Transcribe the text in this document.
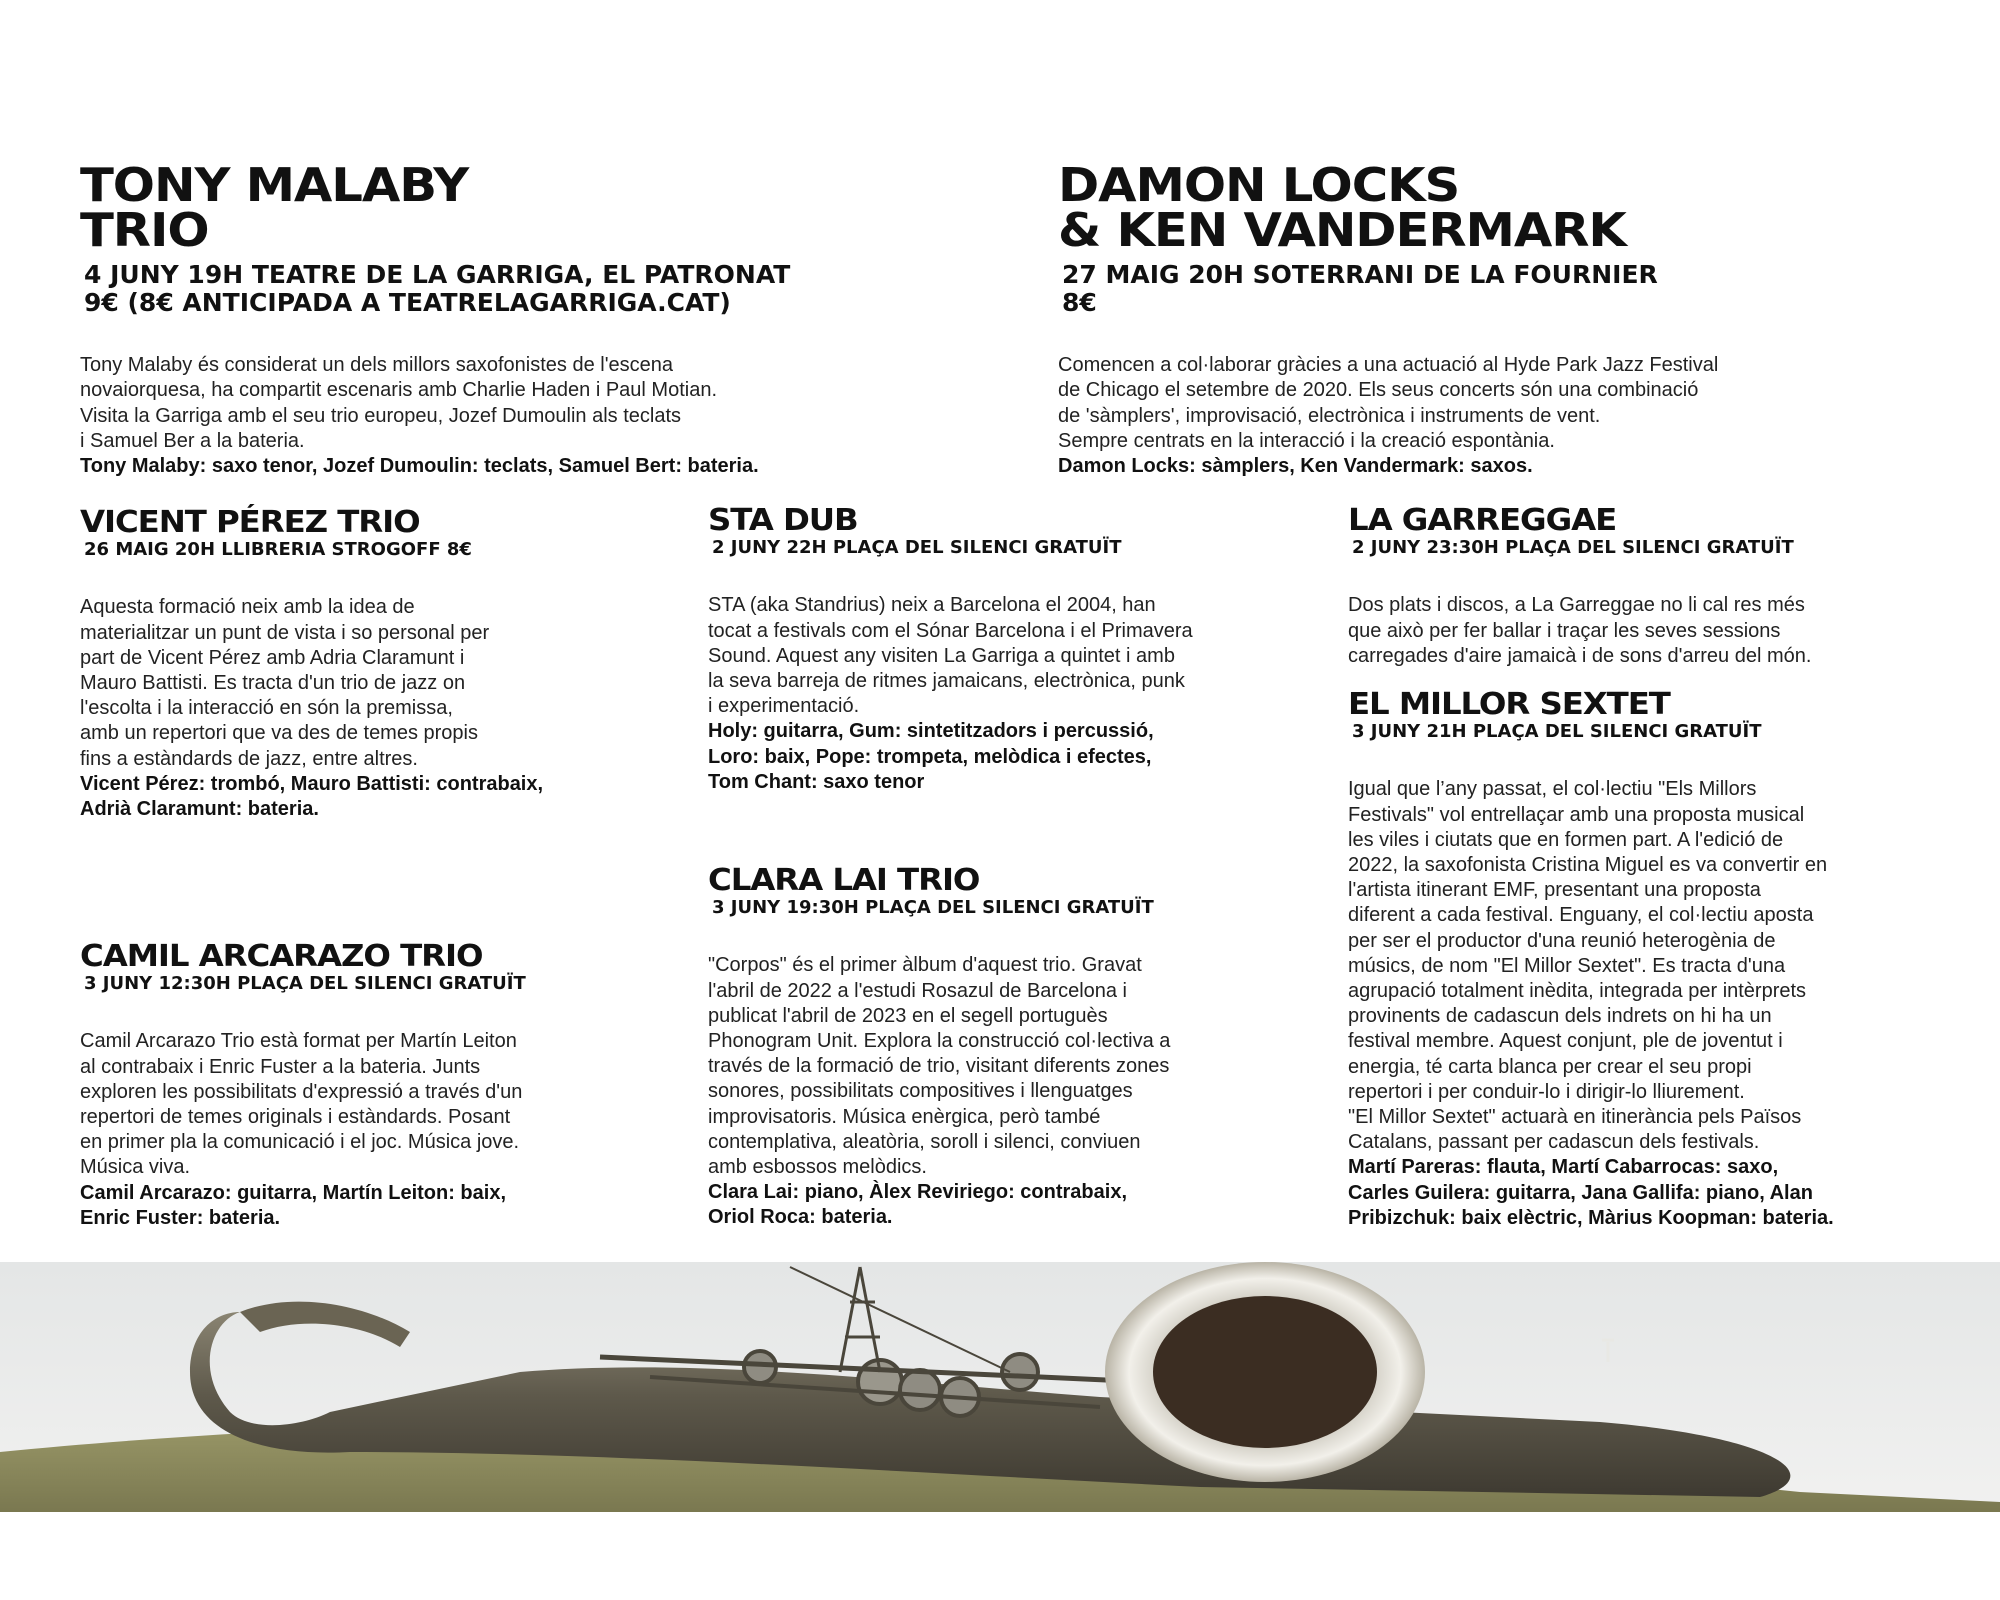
TONY MALABY
TRIO
4 JUNY 19H TEATRE DE LA GARRIGA, EL PATRONAT
9€ (8€ ANTICIPADA A TEATRELAGARRIGA.CAT)
Tony Malaby és considerat un dels millors saxofonistes de l'escena
novaiorquesa, ha compartit escenaris amb Charlie Haden i Paul Motian.
Visita la Garriga amb el seu trio europeu, Jozef Dumoulin als teclats
i Samuel Ber a la bateria.
Tony Malaby: saxo tenor, Jozef Dumoulin: teclats, Samuel Bert: bateria.
DAMON LOCKS
& KEN VANDERMARK
27 MAIG 20H SOTERRANI DE LA FOURNIER
8€
Comencen a col·laborar gràcies a una actuació al Hyde Park Jazz Festival
de Chicago el setembre de 2020. Els seus concerts són una combinació
de 'sàmplers', improvisació, electrònica i instruments de vent.
Sempre centrats en la interacció i la creació espontània.
Damon Locks: sàmplers, Ken Vandermark: saxos.
VICENT PÉREZ TRIO
26 MAIG 20H LLIBRERIA STROGOFF 8€
Aquesta formació neix amb la idea de
materialitzar un punt de vista i so personal per
part de Vicent Pérez amb Adria Claramunt i
Mauro Battisti. Es tracta d'un trio de jazz on
l'escolta i la interacció en són la premissa,
amb un repertori que va des de temes propis
fins a estàndards de jazz, entre altres.
Vicent Pérez: trombó, Mauro Battisti: contrabaix,
Adrià Claramunt: bateria.
STA DUB
2 JUNY 22H PLAÇA DEL SILENCI GRATUÏT
STA (aka Standrius) neix a Barcelona el 2004, han
tocat a festivals com el Sónar Barcelona i el Primavera
Sound. Aquest any visiten La Garriga a quintet i amb
la seva barreja de ritmes jamaicans, electrònica, punk
i experimentació.
Holy: guitarra, Gum: sintetitzadors i percussió,
Loro: baix, Pope: trompeta, melòdica i efectes,
Tom Chant: saxo tenor
LA GARREGGAE
2 JUNY 23:30H PLAÇA DEL SILENCI GRATUÏT
Dos plats i discos, a La Garreggae no li cal res més
que això per fer ballar i traçar les seves sessions
carregades d'aire jamaicà i de sons d'arreu del món.
EL MILLOR SEXTET
3 JUNY 21H PLAÇA DEL SILENCI GRATUÏT
Igual que l’any passat, el col·lectiu "Els Millors
Festivals" vol entrellaçar amb una proposta musical
les viles i ciutats que en formen part. A l'edició de
2022, la saxofonista Cristina Miguel es va convertir en
l'artista itinerant EMF, presentant una proposta
diferent a cada festival. Enguany, el col·lectiu aposta
per ser el productor d'una reunió heterogènia de
músics, de nom "El Millor Sextet". Es tracta d'una
agrupació totalment inèdita, integrada per intèrprets
provinents de cadascun dels indrets on hi ha un
festival membre. Aquest conjunt, ple de joventut i
energia, té carta blanca per crear el seu propi
repertori i per conduir-lo i dirigir-lo lliurement.
"El Millor Sextet" actuarà en itinerància pels Països
Catalans, passant per cadascun dels festivals.
Martí Pareras: flauta, Martí Cabarrocas: saxo,
Carles Guilera: guitarra, Jana Gallifa: piano, Alan
Pribizchuk: baix elèctric, Màrius Koopman: bateria.
CLARA LAI TRIO
3 JUNY 19:30H PLAÇA DEL SILENCI GRATUÏT
"Corpos" és el primer àlbum d'aquest trio. Gravat
l'abril de 2022 a l'estudi Rosazul de Barcelona i
publicat l'abril de 2023 en el segell portuguès
Phonogram Unit. Explora la construcció col·lectiva a
través de la formació de trio, visitant diferents zones
sonores, possibilitats compositives i llenguatges
improvisatoris. Música enèrgica, però també
contemplativa, aleatòria, soroll i silenci, conviuen
amb esbossos melòdics.
Clara Lai: piano, Àlex Reviriego: contrabaix,
Oriol Roca: bateria.
CAMIL ARCARAZO TRIO
3 JUNY 12:30H PLAÇA DEL SILENCI GRATUÏT
Camil Arcarazo Trio està format per Martín Leiton
al contrabaix i Enric Fuster a la bateria. Junts
exploren les possibilitats d'expressió a través d'un
repertori de temes originals i estàndards. Posant
en primer pla la comunicació i el joc. Música jove.
Música viva.
Camil Arcarazo: guitarra, Martín Leiton: baix,
Enric Fuster: bateria.
